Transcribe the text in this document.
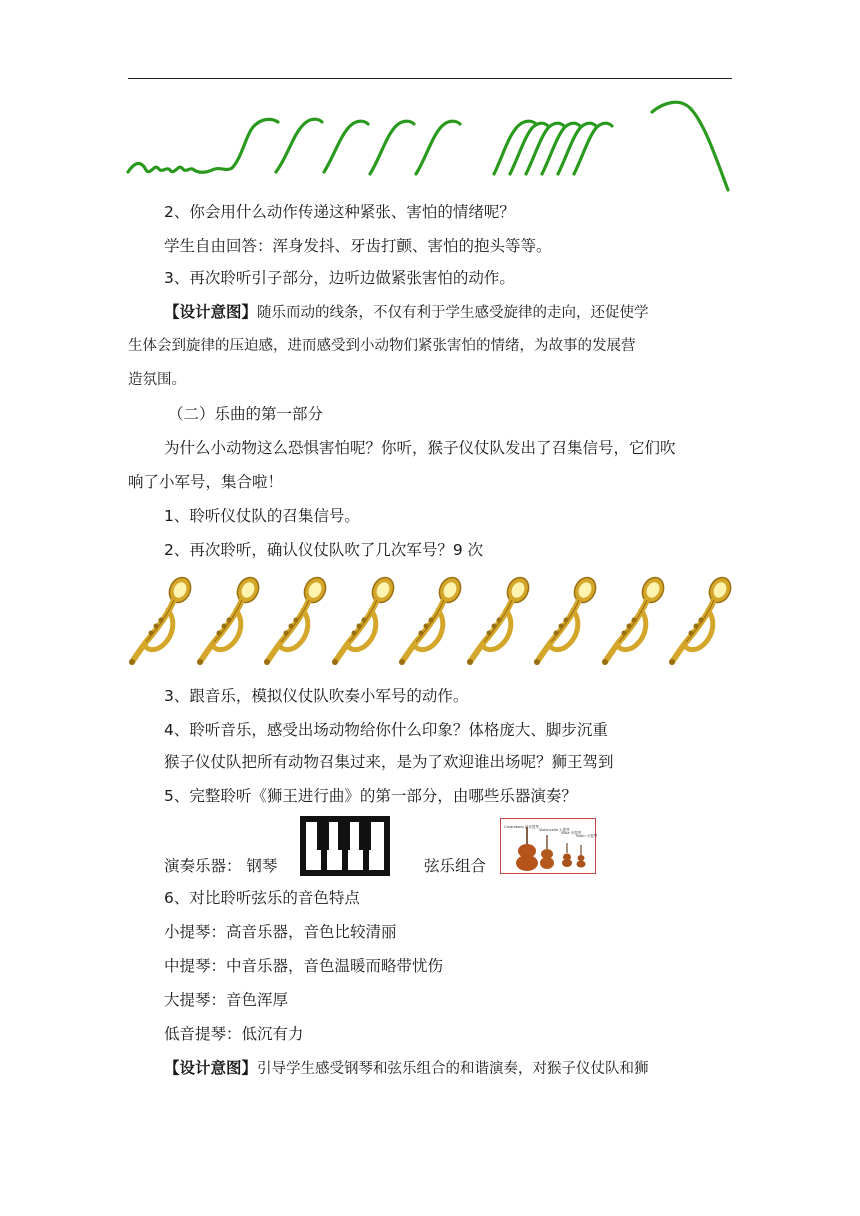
2、你会用什么动作传递这种紧张、害怕的情绪呢？
学生自由回答：浑身发抖、牙齿打颤、害怕的抱头等等。
3、再次聆听引子部分，边听边做紧张害怕的动作。
【设计意图】随乐而动的线条，不仅有利于学生感受旋律的走向，还促使学
生体会到旋律的压迫感，进而感受到小动物们紧张害怕的情绪，为故事的发展营
造氛围。
（二）乐曲的第一部分
为什么小动物这么恐惧害怕呢？你听，猴子仪仗队发出了召集信号，它们吹
响了小军号，集合啦！
1、聆听仪仗队的召集信号。
2、再次聆听，确认仪仗队吹了几次军号？9 次
3、跟音乐，模拟仪仗队吹奏小军号的动作。
4、聆听音乐，感受出场动物给你什么印象？体格庞大、脚步沉重
猴子仪仗队把所有动物召集过来，是为了欢迎谁出场呢？狮王驾到
5、完整聆听《狮王进行曲》的第一部分，由哪些乐器演奏？
演奏乐器： 钢琴	弦乐组合
Contrabass 低音提琴
Violoncello 大提琴
Viola 中提琴
Violin 小提琴
6、对比聆听弦乐的音色特点
小提琴：高音乐器，音色比较清丽
中提琴：中音乐器，音色温暖而略带忧伤
大提琴：音色浑厚
低音提琴：低沉有力
【设计意图】引导学生感受钢琴和弦乐组合的和谐演奏，对猴子仪仗队和狮
